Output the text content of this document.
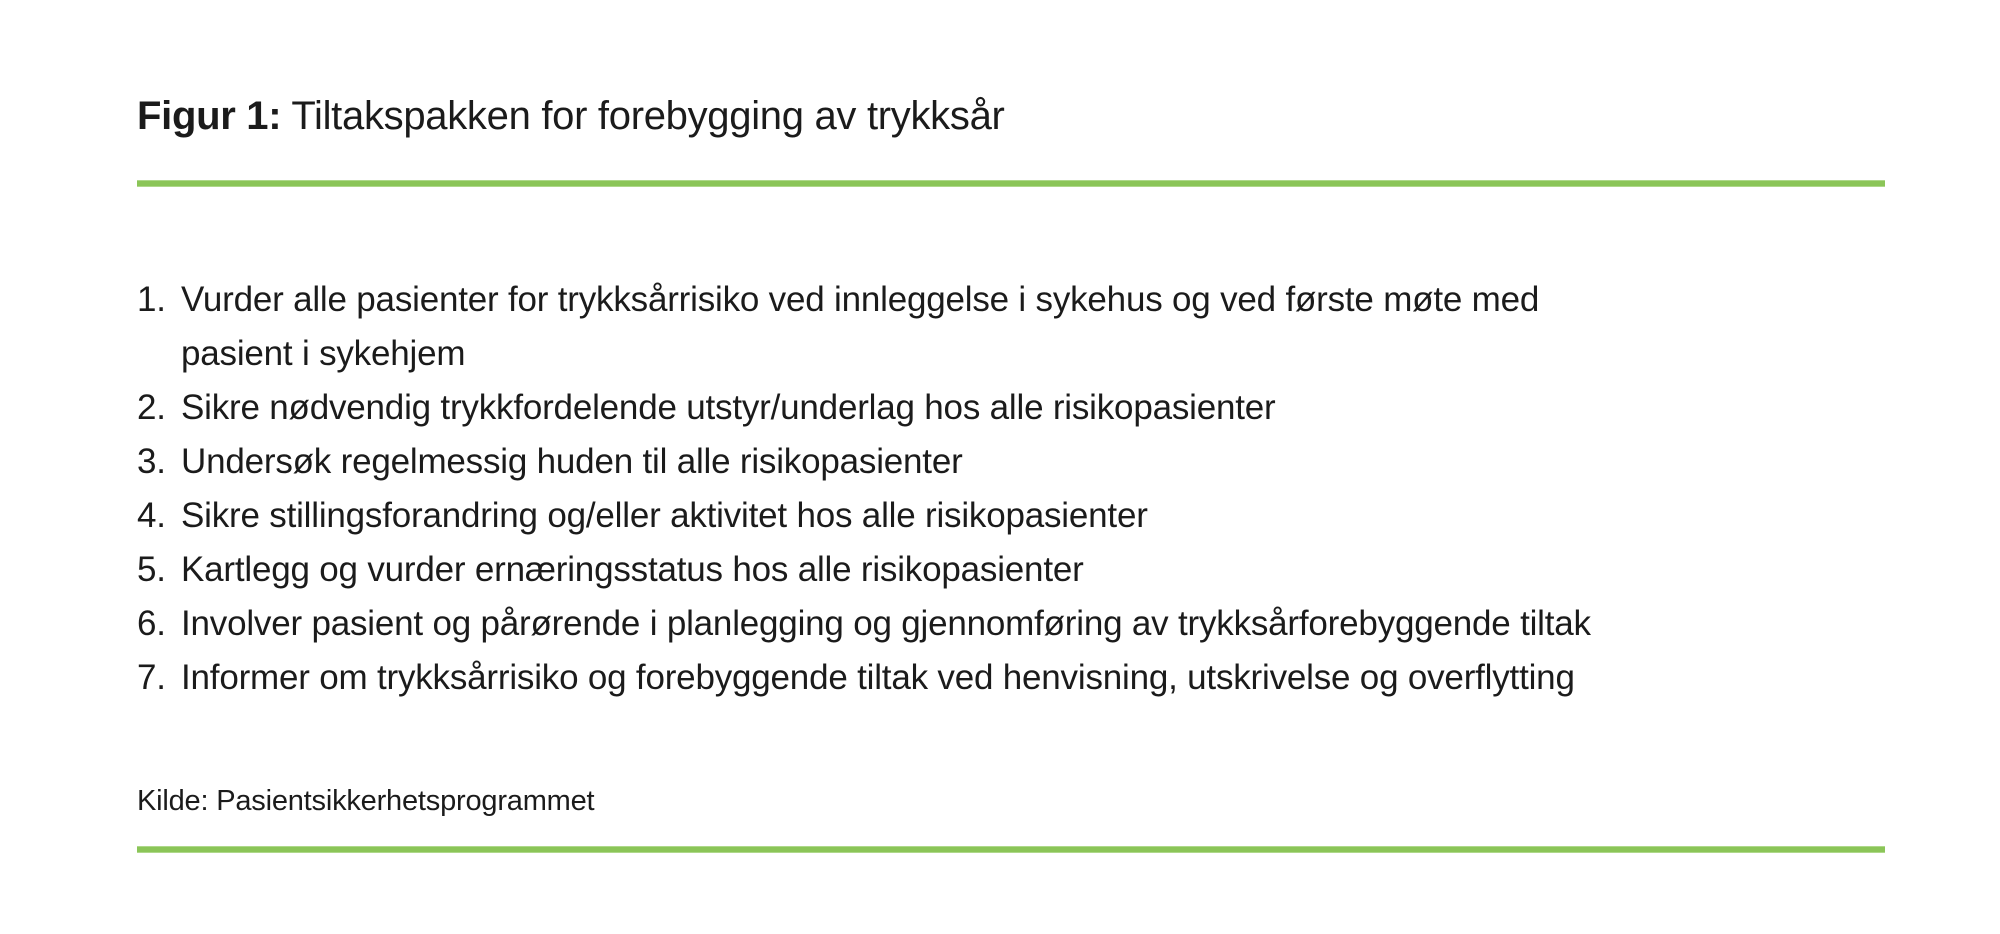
Figur 1: Tiltakspakken for forebygging av trykksår
1. Vurder alle pasienter for trykksårrisiko ved innleggelse i sykehus og ved første møte med
pasient i sykehjem
2. Sikre nødvendig trykkfordelende utstyr/underlag hos alle risikopasienter
3. Undersøk regelmessig huden til alle risikopasienter
4. Sikre stillingsforandring og/eller aktivitet hos alle risikopasienter
5. Kartlegg og vurder ernæringsstatus hos alle risikopasienter
6. Involver pasient og pårørende i planlegging og gjennomføring av trykksårforebyggende tiltak
7. Informer om trykksårrisiko og forebyggende tiltak ved henvisning, utskrivelse og overflytting
Kilde: Pasientsikkerhetsprogrammet
